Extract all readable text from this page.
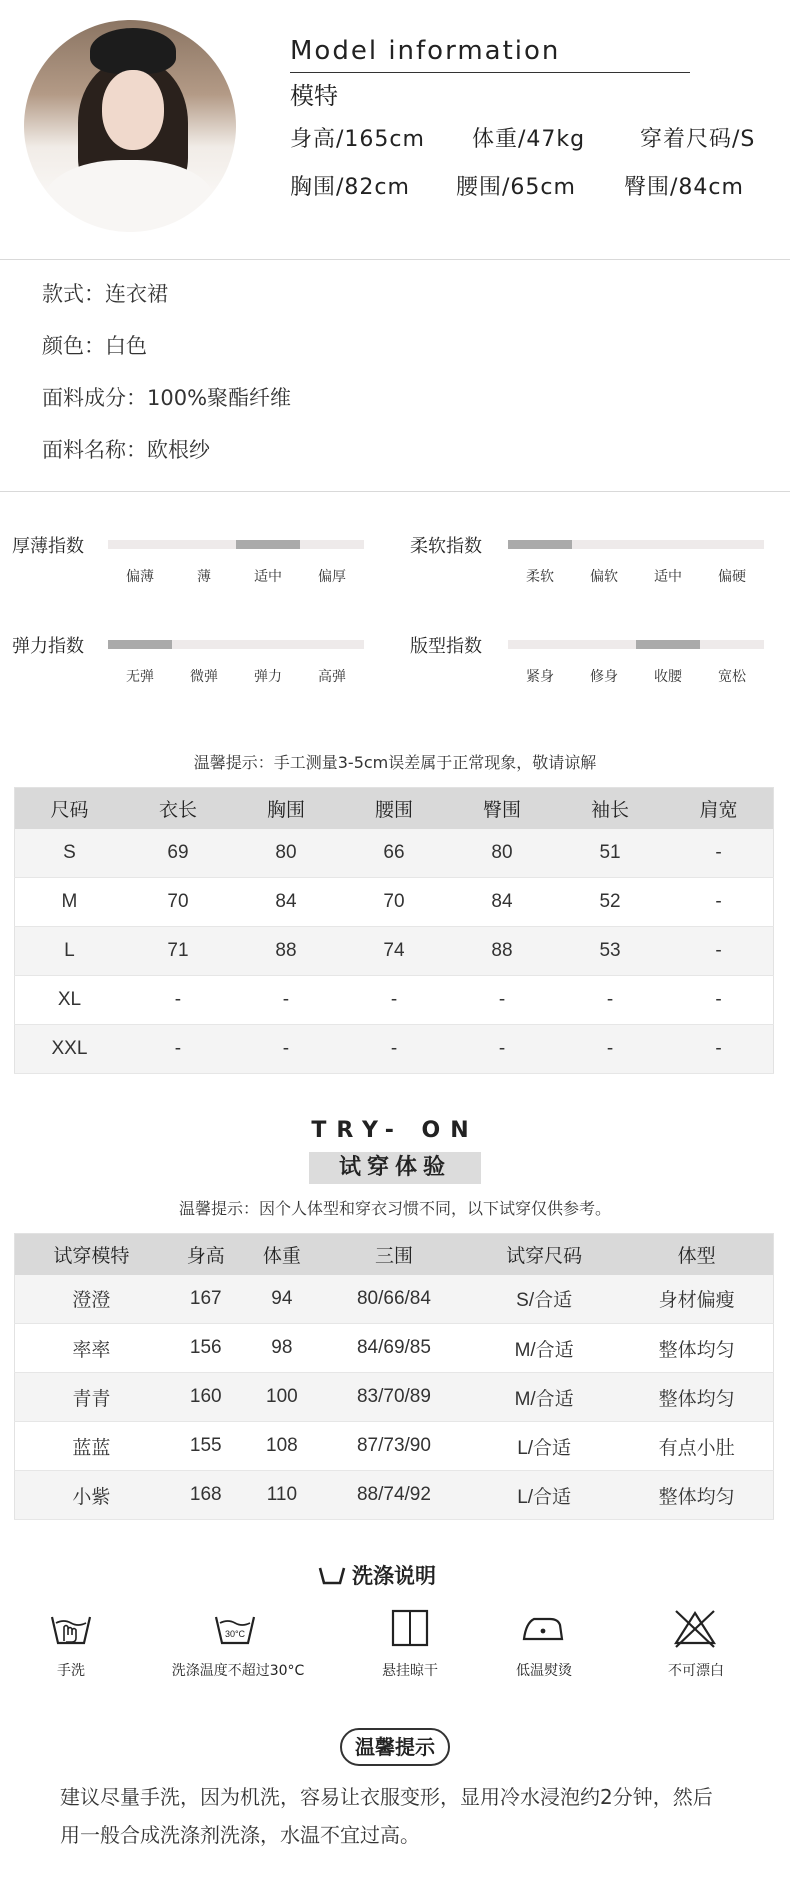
Model information
模特
身高/165cm 体重/47kg 穿着尺码/S
胸围/82cm 腰围/65cm 臀围/84cm
款式：连衣裙
颜色：白色
面料成分：100%聚酯纤维
面料名称：欧根纱
厚薄指数
偏薄	薄	适中	偏厚
柔软指数
柔软	偏软	适中	偏硬
弹力指数
无弹	微弹	弹力	高弹
版型指数
紧身	修身	收腰	宽松
温馨提示：手工测量3-5cm误差属于正常现象，敬请谅解
尺码	衣长	胸围	腰围	臀围	袖长	肩宽
S	69	80	66	80	51	-
M	70	84	70	84	52	-
L	71	88	74	88	53	-
XL	-	-	-	-	-	-
XXL	-	-	-	-	-	-
TRY- ON
试穿体验
温馨提示：因个人体型和穿衣习惯不同，以下试穿仅供参考。
试穿模特	身高	体重	三围	试穿尺码	体型
澄澄	167	94	80/66/84	S/合适	身材偏瘦
率率	156	98	84/69/85	M/合适	整体均匀
青青	160	100	83/70/89	M/合适	整体均匀
蓝蓝	155	108	87/73/90	L/合适	有点小肚
小紫	168	110	88/74/92	L/合适	整体均匀
洗涤说明
30°C
手洗	洗涤温度不超过30°C	悬挂晾干	低温熨烫	不可漂白
温馨提示
建议尽量手洗，因为机洗，容易让衣服变形，显用冷水浸泡约2分钟，然后
用一般合成洗涤剂洗涤，水温不宜过高。
